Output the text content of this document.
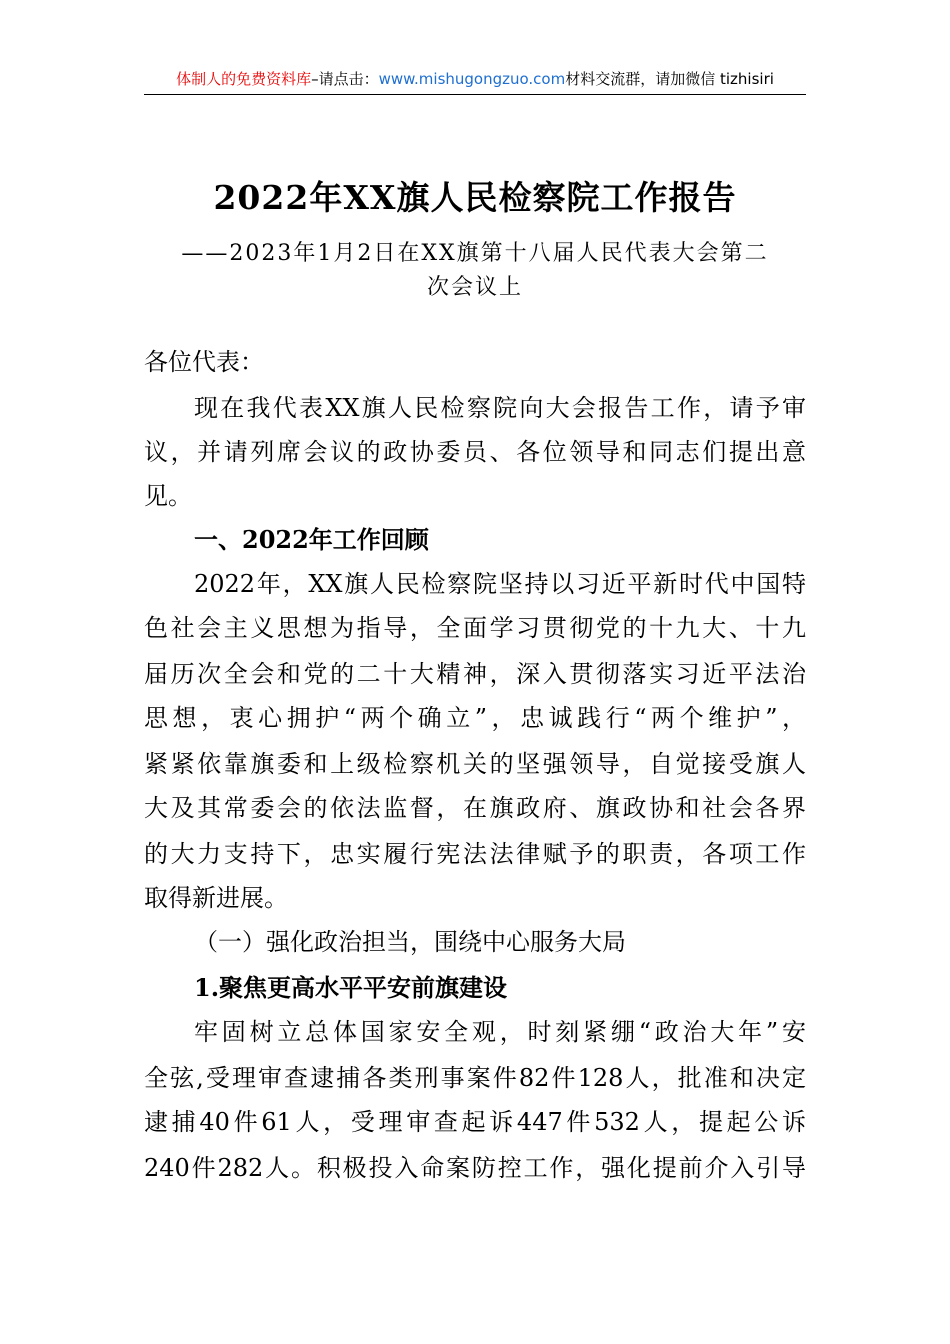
体制人的免费资料库–请点击：www.mishugongzuo.com材料交流群，请加微信 tizhisiri
2022年XX旗人民检察院工作报告
——2023年1月2日在XX旗第十八届人民代表大会第二
次会议上
各位代表：
现在我代表XX旗人民检察院向大会报告工作，请予审
议，并请列席会议的政协委员、各位领导和同志们提出意
见。
一、2022年工作回顾
2022年，XX旗人民检察院坚持以习近平新时代中国特
色社会主义思想为指导，全面学习贯彻党的十九大、十九
届历次全会和党的二十大精神，深入贯彻落实习近平法治
思想，衷心拥护“两个确立”，忠诚践行“两个维护”，
紧紧依靠旗委和上级检察机关的坚强领导，自觉接受旗人
大及其常委会的依法监督，在旗政府、旗政协和社会各界
的大力支持下，忠实履行宪法法律赋予的职责，各项工作
取得新进展。
（一）强化政治担当，围绕中心服务大局
1.聚焦更高水平平安前旗建设
牢固树立总体国家安全观，时刻紧绷“政治大年”安
全弦,受理审查逮捕各类刑事案件82件128人，批准和决定
逮捕40件61人，受理审查起诉447件532人，提起公诉
240件282人。积极投入命案防控工作，强化提前介入引导
